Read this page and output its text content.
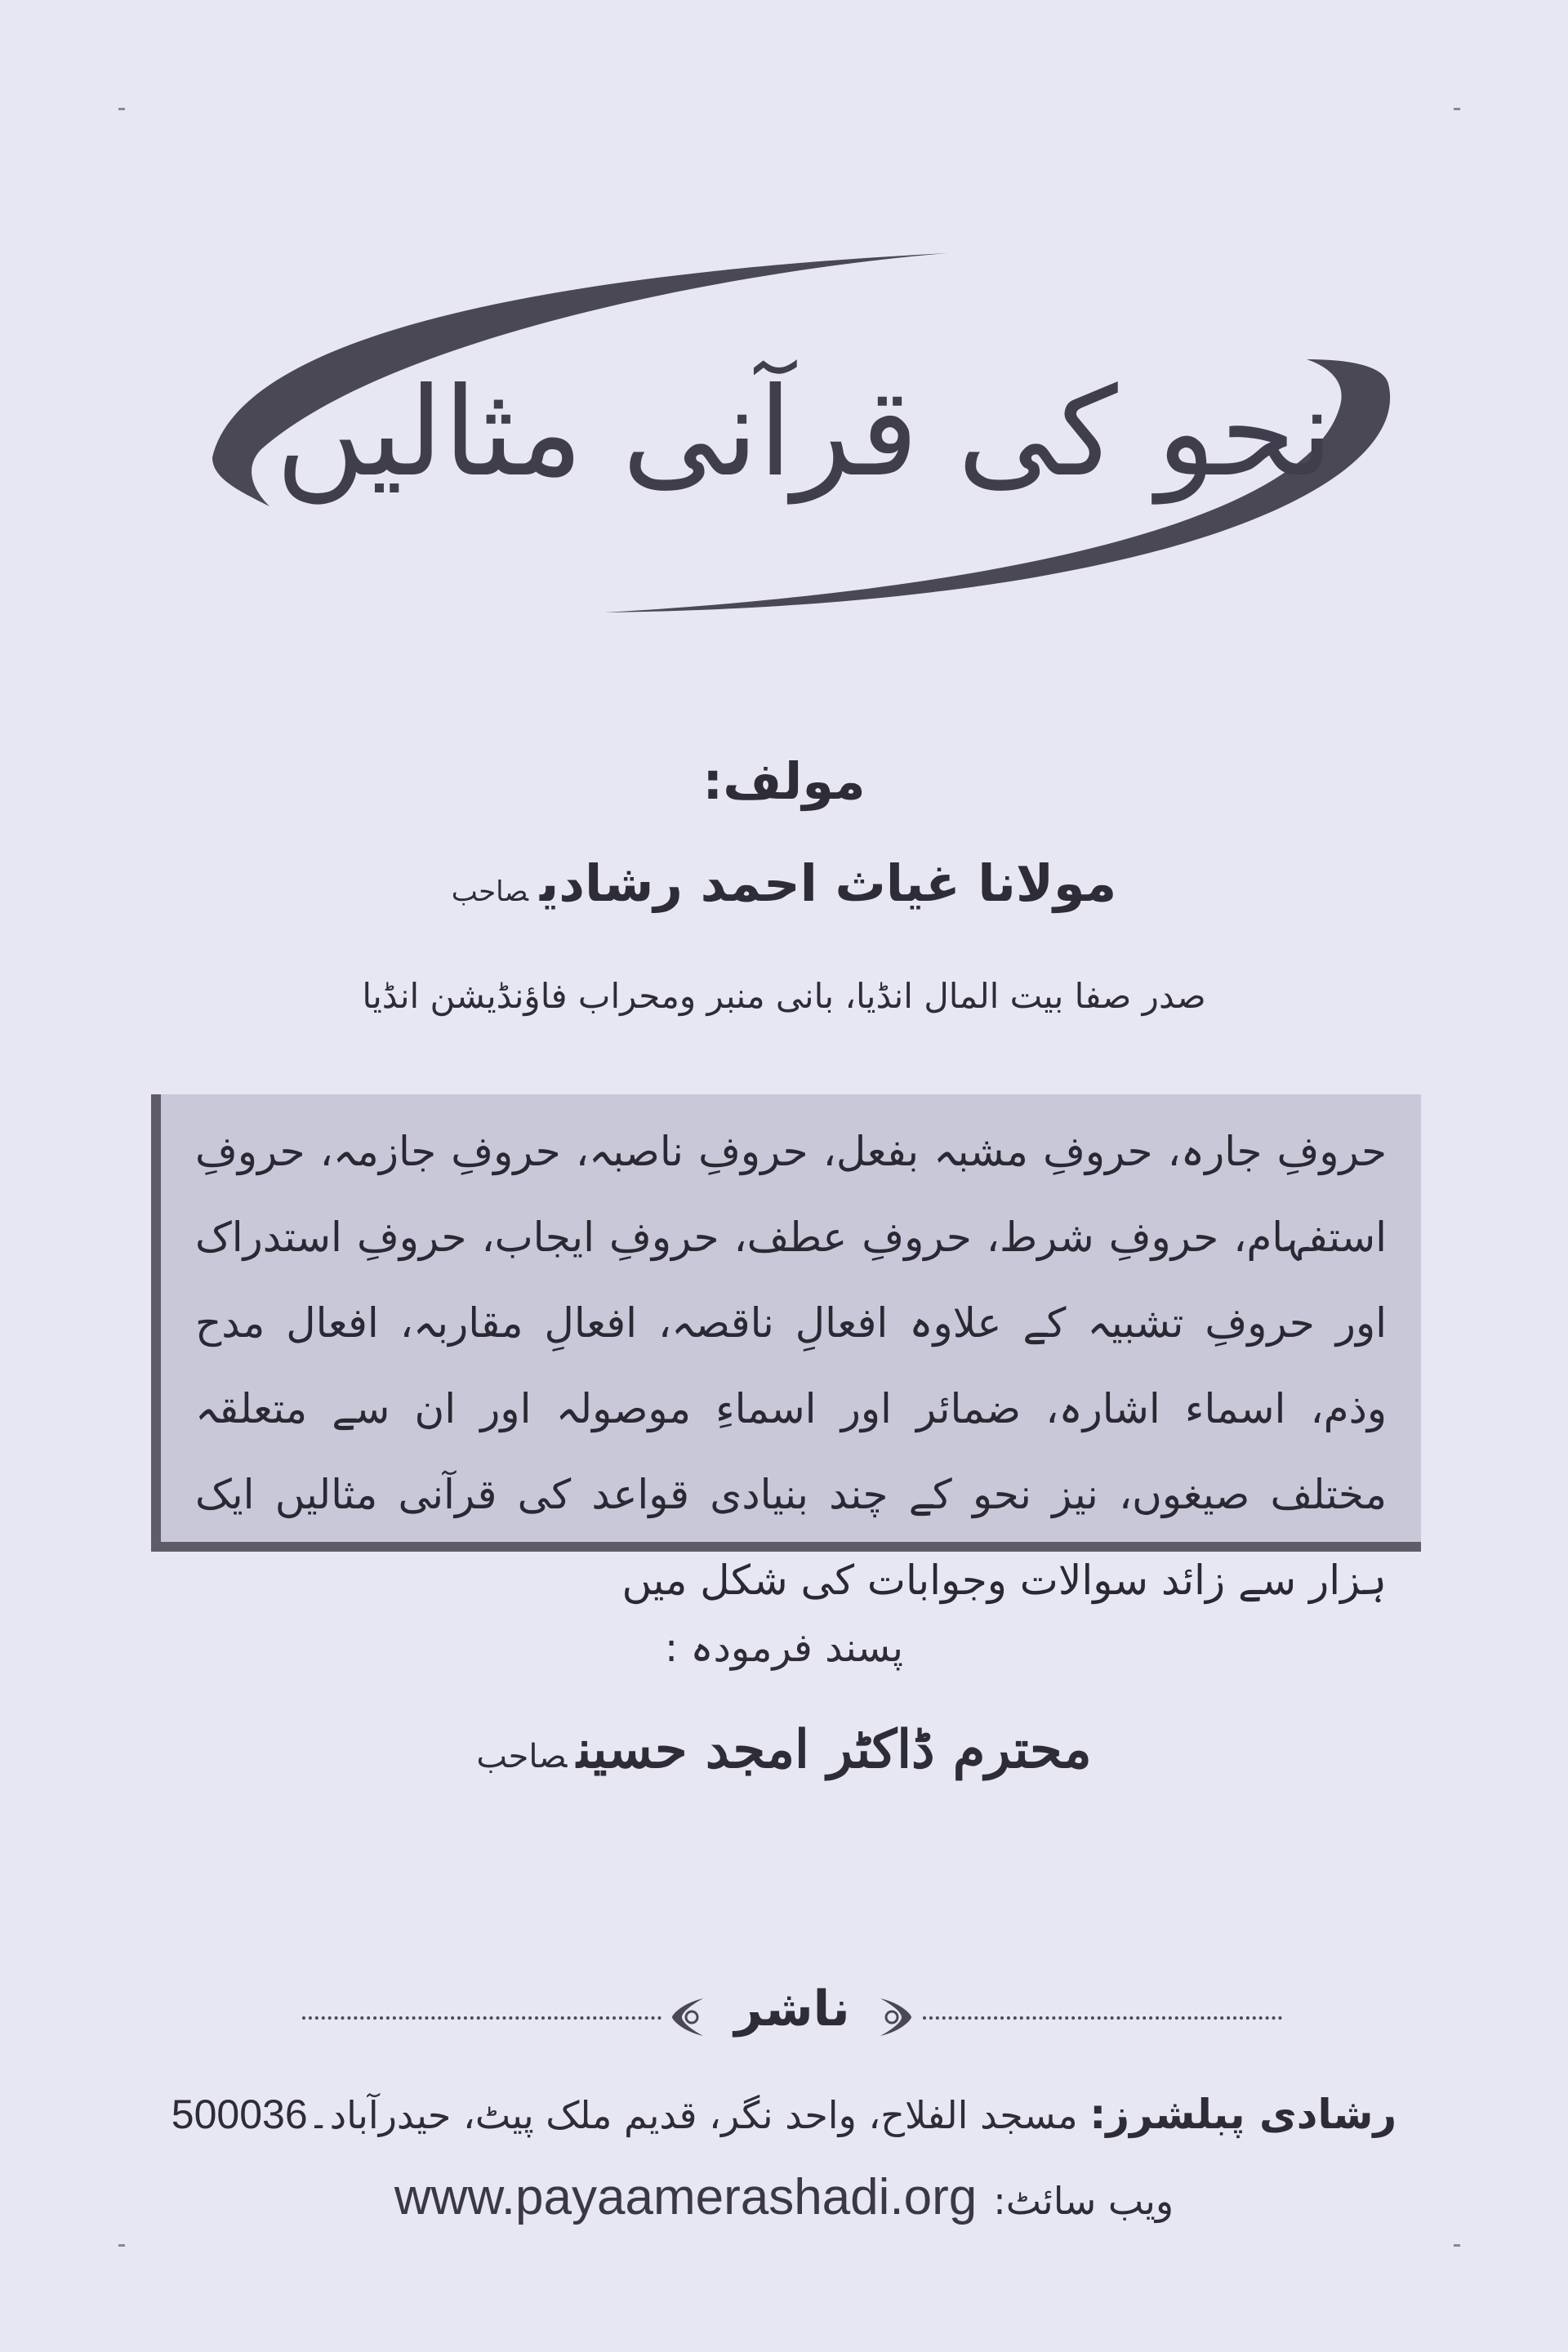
نحو کی قرآنی مثالیں
مولف:
مولانا غیاث احمد رشادیصاحب
صدر صفا بیت المال انڈیا، بانی منبر ومحراب فاؤنڈیشن انڈیا
حروفِ جارہ، حروفِ مشبہ بفعل، حروفِ ناصبہ، حروفِ جازمہ، حروفِ استفہام، حروفِ شرط، حروفِ عطف، حروفِ ایجاب، حروفِ استدراک اور حروفِ تشبیہ کے علاوہ افعالِ ناقصہ، افعالِ مقاربہ، افعال مدح وذم، اسماء اشارہ، ضمائر اور اسماءِ موصولہ اور ان سے متعلقہ مختلف صیغوں، نیز نحو کے چند بنیادی قواعد کی قرآنی مثالیں ایک ہزار سے زائد سوالات وجوابات کی شکل میں
پسند فرمودہ :
محترم ڈاکٹر امجد حسینصاحب
ناشر
رشادی پبلشرز: مسجد الفلاح، واحد نگر، قدیم ملک پیٹ، حیدرآباد۔500036
ویب سائٹ:www.payaamerashadi.org
